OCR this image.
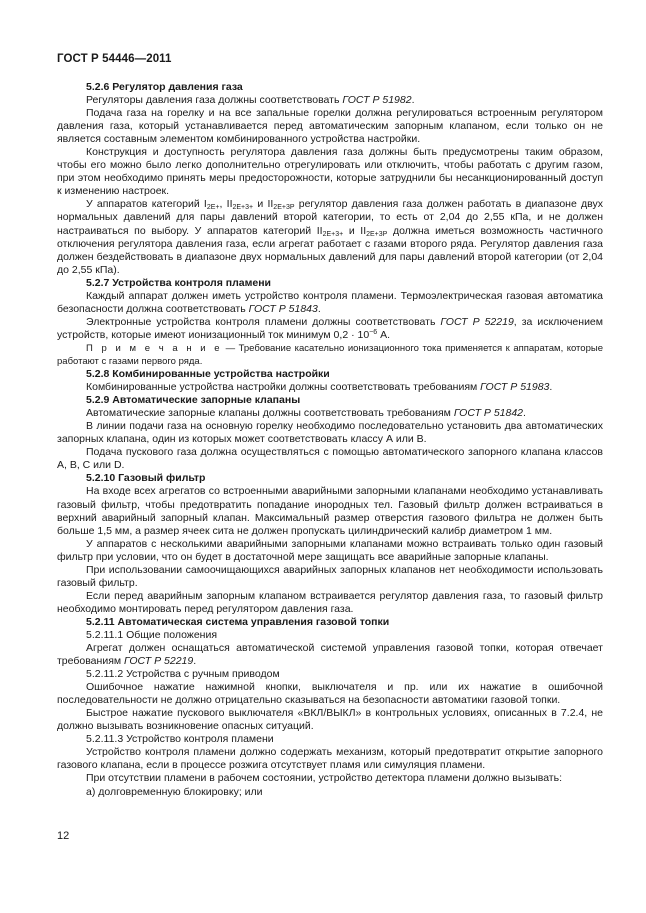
ГОСТ Р 54446—2011

5.2.6 Регулятор давления газа

Регуляторы давления газа должны соответствовать ГОСТ Р 51982.

Подача газа на горелку и на все запальные горелки должна регулироваться встроенным регулятором давления газа, который устанавливается перед автоматическим запорным клапаном, если только он не является составным элементом комбинированного устройства настройки.

Конструкция и доступность регулятора давления газа должны быть предусмотрены таким образом, чтобы его можно было легко дополнительно отрегулировать или отключить, чтобы работать с другим газом, при этом необходимо принять меры предосторожности, которые затруднили бы несанкционированный доступ к изменению настроек.

У аппаратов категорий $I_{2E+}$, $II_{2E+3+}$ и $II_{2E+3P}$ регулятор давления газа должен работать в диапазоне двух нормальных давлений для пары давлений второй категории, то есть от 2,04 до 2,55 кПа, и не должен настраиваться по выбору. У аппаратов категорий $II_{2E+3+}$ и $II_{2E+3P}$ должна иметься возможность частичного отключения регулятора давления газа, если агрегат работает с газами второго ряда. Регулятор давления газа должен бездействовать в диапазоне двух нормальных давлений для пары давлений второй категории (от 2,04 до 2,55 кПа).

5.2.7 Устройства контроля пламени

Каждый аппарат должен иметь устройство контроля пламени. Термоэлектрическая газовая автоматика безопасности должна соответствовать ГОСТ Р 51843.

Электронные устройства контроля пламени должны соответствовать ГОСТ Р 52219, за исключением устройств, которые имеют ионизационный ток минимум $0,2 \cdot 10^{-6}$ А.

П р и м е ч а н и е — Требование касательно ионизационного тока применяется к аппаратам, которые работают с газами первого ряда.

5.2.8 Комбинированные устройства настройки

Комбинированные устройства настройки должны соответствовать требованиям ГОСТ Р 51983.

5.2.9 Автоматические запорные клапаны

Автоматические запорные клапаны должны соответствовать требованиям ГОСТ Р 51842.

В линии подачи газа на основную горелку необходимо последовательно установить два автоматических запорных клапана, один из которых может соответствовать классу А или В.

Подача пускового газа должна осуществляться с помощью автоматического запорного клапана классов А, В, С или D.

5.2.10 Газовый фильтр

На входе всех агрегатов со встроенными аварийными запорными клапанами необходимо устанавливать газовый фильтр, чтобы предотвратить попадание инородных тел. Газовый фильтр должен встраиваться в верхний аварийный запорный клапан. Максимальный размер отверстия газового фильтра не должен быть больше 1,5 мм, а размер ячеек сита не должен пропускать цилиндрический калибр диаметром 1 мм.

У аппаратов с несколькими аварийными запорными клапанами можно встраивать только один газовый фильтр при условии, что он будет в достаточной мере защищать все аварийные запорные клапаны.

При использовании самоочищающихся аварийных запорных клапанов нет необходимости использовать газовый фильтр.

Если перед аварийным запорным клапаном встраивается регулятор давления газа, то газовый фильтр необходимо монтировать перед регулятором давления газа.

5.2.11 Автоматическая система управления газовой топки

5.2.11.1 Общие положения

Агрегат должен оснащаться автоматической системой управления газовой топки, которая отвечает требованиям ГОСТ Р 52219.

5.2.11.2 Устройства с ручным приводом

Ошибочное нажатие нажимной кнопки, выключателя и пр. или их нажатие в ошибочной последовательности не должно отрицательно сказываться на безопасности автоматики газовой топки.

Быстрое нажатие пускового выключателя «ВКЛ/ВЫКЛ» в контрольных условиях, описанных в 7.2.4, не должно вызывать возникновение опасных ситуаций.

5.2.11.3 Устройство контроля пламени

Устройство контроля пламени должно содержать механизм, который предотвратит открытие запорного газового клапана, если в процессе розжига отсутствует пламя или симуляция пламени.

При отсутствии пламени в рабочем состоянии, устройство детектора пламени должно вызывать:

а) долговременную блокировку; или

12
